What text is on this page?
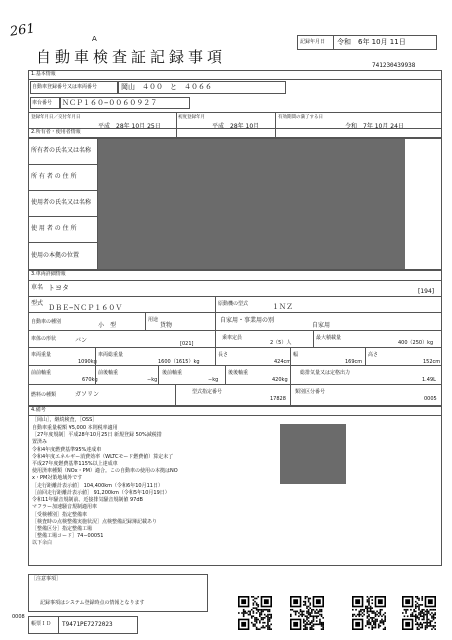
261	A	記録年月日 令和　6年 10月 11日
自動車検査証記録事項	741230439938
1.基本情報
自動車登録番号又は車両番号	岡山　４００　と　４０６６
車台番号 ＮＣＰ１６０−００６０９２７
登録年月日／交付年月日
平成　28年 10月 25日
初度登録年月
平成　28年 10月
有効期間の満了する日
令和　7年 10月 24日
2.所有者・使用者情報
所有者の氏名又は名称
所 有 者 の 住 所
使用者の氏名又は名称
使 用 者 の 住 所
使用の本拠の位置
3.車両詳細情報
車名 トヨタ	[194]
型式
ＤＢＥ−ＮＣＰ１６０Ｖ	原動機の型式	１ＮＺ
自動車の種別	小　型
用途
貨物
自家用・事業用の別
自家用
車体の形状	バン	[021]
乗車定員
2（5）人
最大積載量
400（250）kg
車両重量
1090kg
車両総重量
1600（1615）kg
長さ
424cm
幅
169cm
高さ
152cm
前前軸重
670kg
前後軸重
−kg
後前軸重
−kg
後後軸重
420kg
総排気量又は定格出力
1.49L
燃料の種類	ガソリン	型式指定番号
17828
類別区分番号
0005
4.備考
［岡山］，継続検査，［OSS］
自動車重量税額 ¥5,000 本則税率適用
［27年度規制］平成28年10月25日 新規登録 50%減税措
置済み
令和4年度燃費基準95%達成車
令和4年度エネルギー消費効率（WLTCモード燃費値）算定未了
平成27年度燃費基準115%以上達成車
使用済車種類（NOx・PM）適合。この自動車の使用の本拠はNO
x・PM対策地域外です
［走行距離計表示値］ 104,400km（令和6年10月11日）
［前回走行距離計表示値］ 91,200km（令和5年10月19日）
令和11年騒音規制前、近接排気騒音規制値 97dB
マフラー加速騒音規制適用車
［受検種別］指定整備車
［検査時の点検整備実施状況］点検整備記録簿記載あり
［整備区分］指定整備工場
［整備工場コード］74−00051
以下余白
［注意事項］
記録事項はシステム登録時点の情報となります
帳票ＩＤ T9471PE7272023
0008
